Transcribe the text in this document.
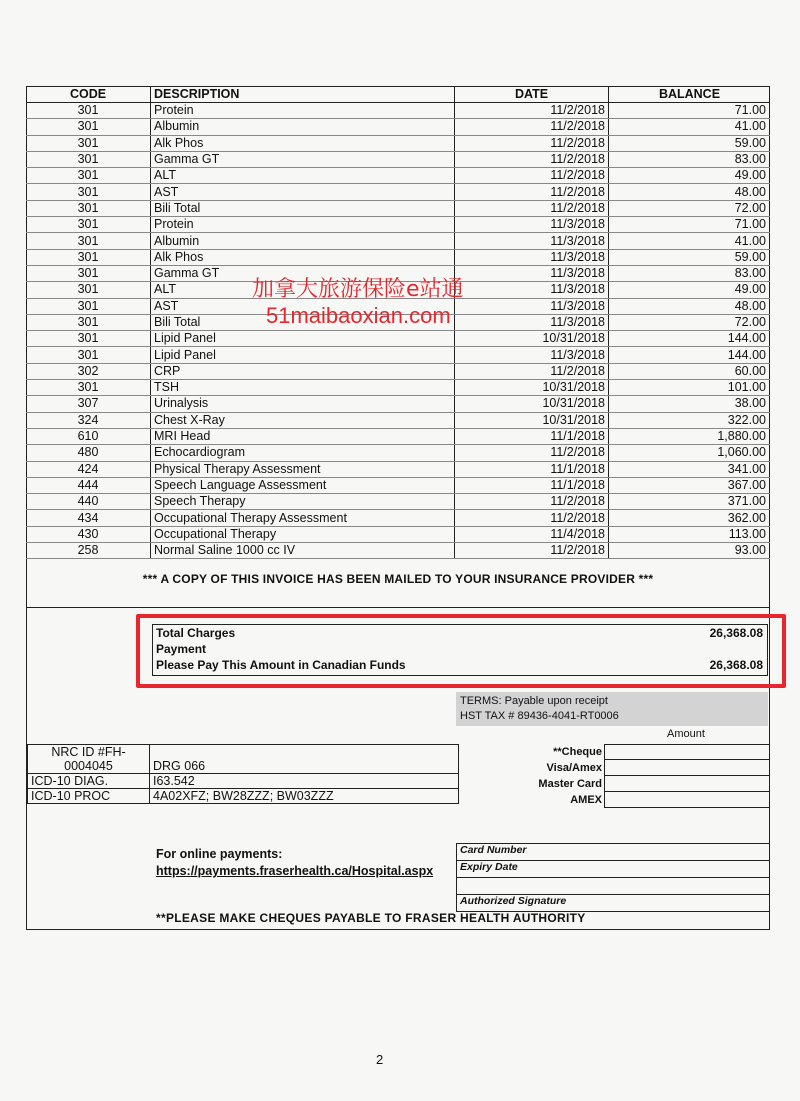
CODE	DESCRIPTION	DATE	BALANCE
301	Protein	11/2/2018	71.00
301	Albumin	11/2/2018	41.00
301	Alk Phos	11/2/2018	59.00
301	Gamma GT	11/2/2018	83.00
301	ALT	11/2/2018	49.00
301	AST	11/2/2018	48.00
301	Bili Total	11/2/2018	72.00
301	Protein	11/3/2018	71.00
301	Albumin	11/3/2018	41.00
301	Alk Phos	11/3/2018	59.00
301	Gamma GT	11/3/2018	83.00
301	ALT	11/3/2018	49.00
301	AST	11/3/2018	48.00
301	Bili Total	11/3/2018	72.00
301	Lipid Panel	10/31/2018	144.00
301	Lipid Panel	11/3/2018	144.00
302	CRP	11/2/2018	60.00
301	TSH	10/31/2018	101.00
307	Urinalysis	10/31/2018	38.00
324	Chest X-Ray	10/31/2018	322.00
610	MRI Head	11/1/2018	1,880.00
480	Echocardiogram	11/2/2018	1,060.00
424	Physical Therapy Assessment	11/1/2018	341.00
444	Speech Language Assessment	11/1/2018	367.00
440	Speech Therapy	11/2/2018	371.00
434	Occupational Therapy Assessment	11/2/2018	362.00
430	Occupational Therapy	11/4/2018	113.00
258	Normal Saline 1000 cc IV	11/2/2018	93.00
*** A COPY OF THIS INVOICE HAS BEEN MAILED TO YOUR INSURANCE PROVIDER ***
Total Charges	26,368.08
Payment
Please Pay This Amount in Canadian Funds	26,368.08
TERMS: Payable upon receipt
HST TAX # 89436-4041-RT0006
Amount
**Cheque
Visa/Amex
Master Card
AMEX
NRC ID #FH-0004045	DRG 066
ICD-10 DIAG.	I63.542
ICD-10 PROC	4A02XFZ; BW28ZZZ; BW03ZZZ
For online payments:
https://payments.fraserhealth.ca/Hospital.aspx
Card Number
Expiry Date

Authorized Signature
**PLEASE MAKE CHEQUES PAYABLE TO FRASER HEALTH AUTHORITY
加拿大旅游保险e站通
51maibaoxian.com
2
